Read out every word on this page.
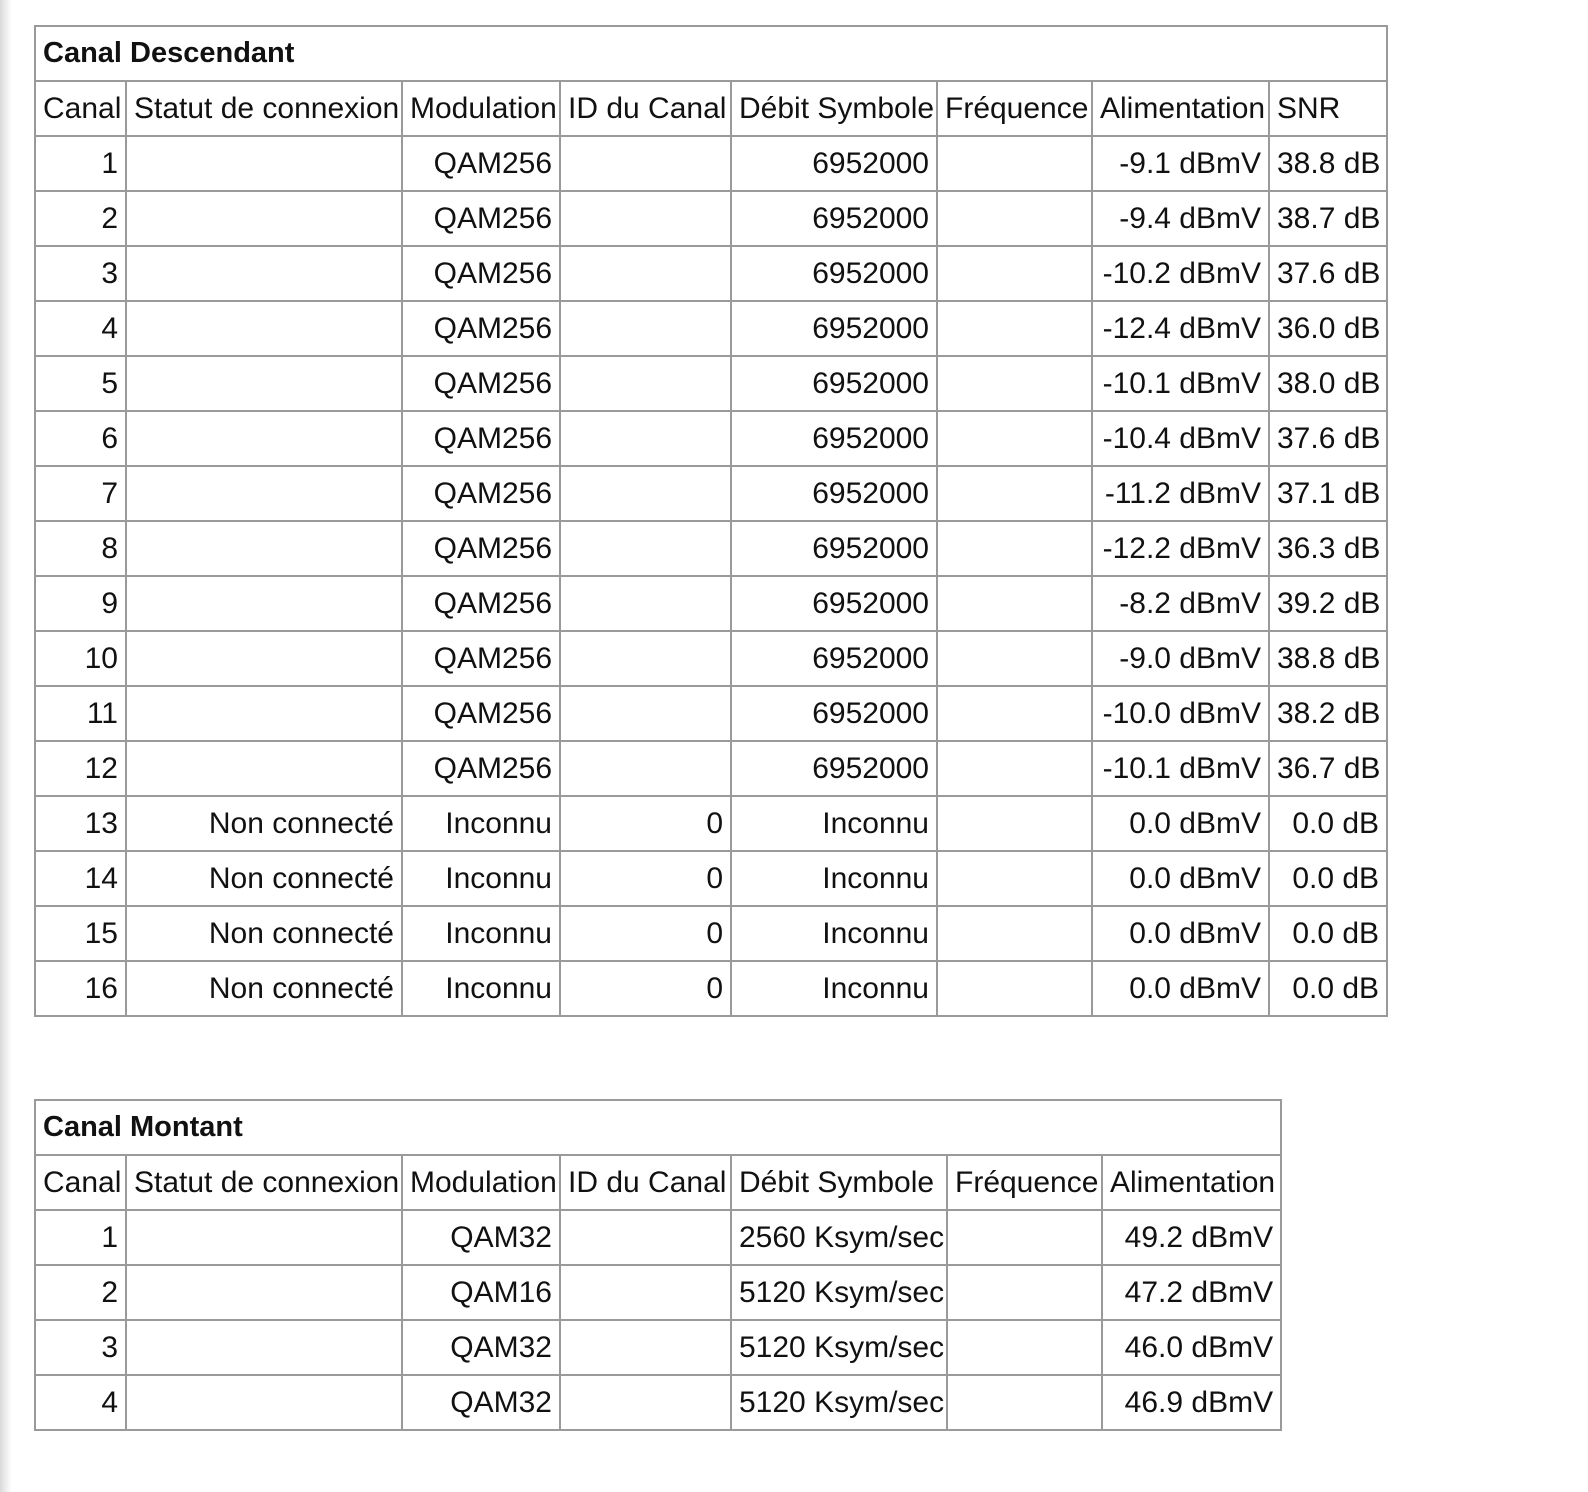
Canal Descendant							
Canal	Statut de connexion	Modulation	ID du Canal	Débit Symbole	Fréquence	Alimentation	SNR
1		QAM256		6952000		-9.1 dBmV	38.8 dB
2		QAM256		6952000		-9.4 dBmV	38.7 dB
3		QAM256		6952000		-10.2 dBmV	37.6 dB
4		QAM256		6952000		-12.4 dBmV	36.0 dB
5		QAM256		6952000		-10.1 dBmV	38.0 dB
6		QAM256		6952000		-10.4 dBmV	37.6 dB
7		QAM256		6952000		-11.2 dBmV	37.1 dB
8		QAM256		6952000		-12.2 dBmV	36.3 dB
9		QAM256		6952000		-8.2 dBmV	39.2 dB
10		QAM256		6952000		-9.0 dBmV	38.8 dB
11		QAM256		6952000		-10.0 dBmV	38.2 dB
12		QAM256		6952000		-10.1 dBmV	36.7 dB
13	Non connecté	Inconnu	0	Inconnu		0.0 dBmV	0.0 dB
14	Non connecté	Inconnu	0	Inconnu		0.0 dBmV	0.0 dB
15	Non connecté	Inconnu	0	Inconnu		0.0 dBmV	0.0 dB
16	Non connecté	Inconnu	0	Inconnu		0.0 dBmV	0.0 dB
Canal Montant						
Canal	Statut de connexion	Modulation	ID du Canal	Débit Symbole	Fréquence	Alimentation
1		QAM32		2560 Ksym/sec		49.2 dBmV
2		QAM16		5120 Ksym/sec		47.2 dBmV
3		QAM32		5120 Ksym/sec		46.0 dBmV
4		QAM32		5120 Ksym/sec		46.9 dBmV
